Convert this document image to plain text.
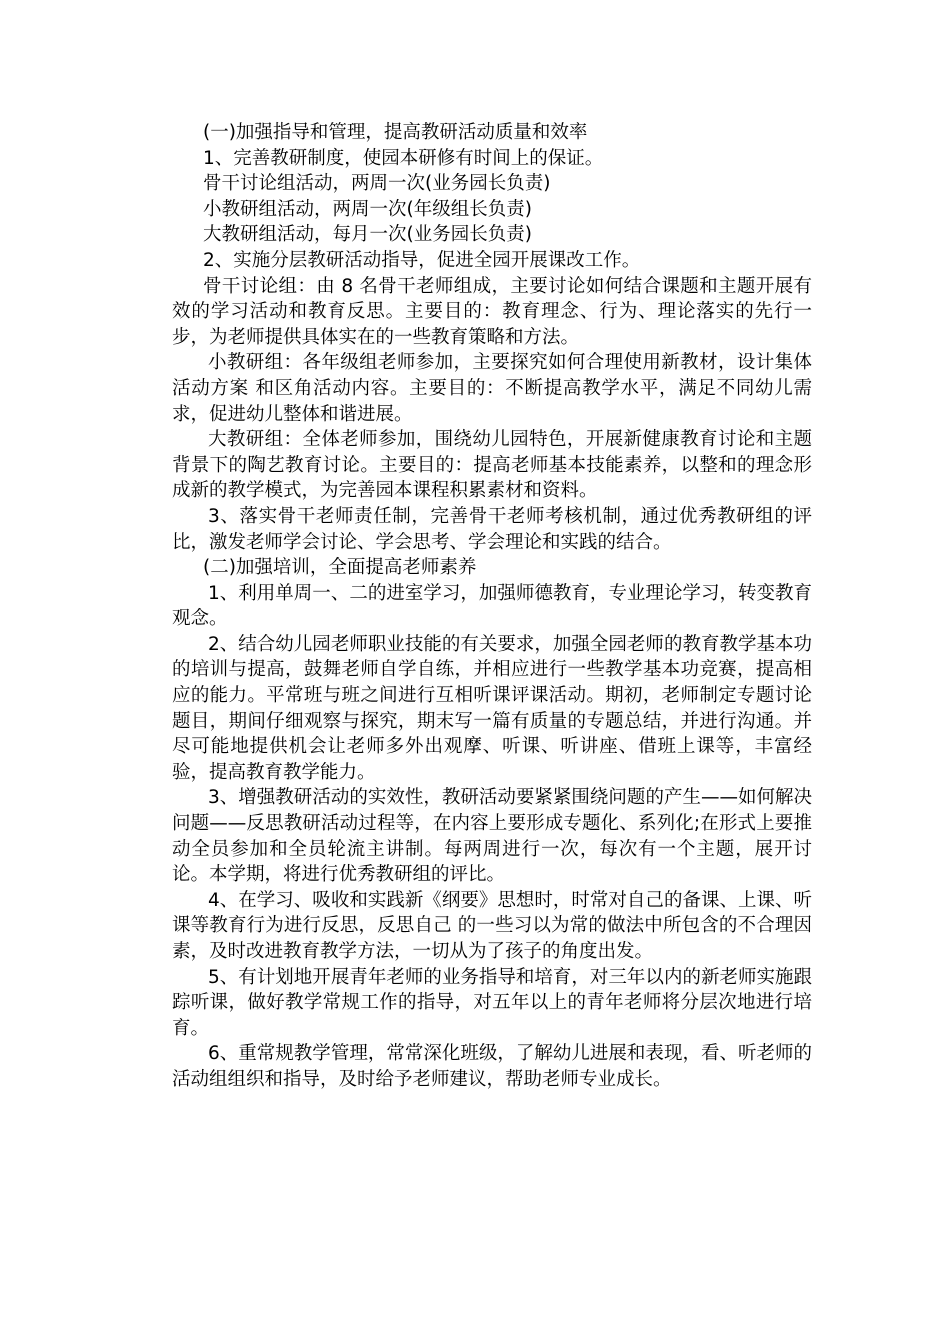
(一)加强指导和管理，提高教研活动质量和效率

1、完善教研制度，使园本研修有时间上的保证。

骨干讨论组活动，两周一次(业务园长负责)

小教研组活动，两周一次(年级组长负责)

大教研组活动，每月一次(业务园长负责)

2、实施分层教研活动指导，促进全园开展课改工作。

骨干讨论组：由 8 名骨干老师组成，主要讨论如何结合课题和主题开展有效的学习活动和教育反思。主要目的：教育理念、行为、理论落实的先行一步，为老师提供具体实在的一些教育策略和方法。

小教研组：各年级组老师参加，主要探究如何合理使用新教材，设计集体活动方案 和区角活动内容。主要目的：不断提高教学水平，满足不同幼儿需求，促进幼儿整体和谐进展。

大教研组：全体老师参加，围绕幼儿园特色，开展新健康教育讨论和主题背景下的陶艺教育讨论。主要目的：提高老师基本技能素养，以整和的理念形成新的教学模式，为完善园本课程积累素材和资料。

3、落实骨干老师责任制，完善骨干老师考核机制，通过优秀教研组的评比，激发老师学会讨论、学会思考、学会理论和实践的结合。

(二)加强培训，全面提高老师素养

1、利用单周一、二的进室学习，加强师德教育，专业理论学习，转变教育观念。

2、结合幼儿园老师职业技能的有关要求，加强全园老师的教育教学基本功的培训与提高，鼓舞老师自学自练，并相应进行一些教学基本功竞赛，提高相应的能力。平常班与班之间进行互相听课评课活动。期初，老师制定专题讨论题目，期间仔细观察与探究，期末写一篇有质量的专题总结，并进行沟通。并尽可能地提供机会让老师多外出观摩、听课、听讲座、借班上课等，丰富经验，提高教育教学能力。

3、增强教研活动的实效性，教研活动要紧紧围绕问题的产生——如何解决问题——反思教研活动过程等，在内容上要形成专题化、系列化;在形式上要推动全员参加和全员轮流主讲制。每两周进行一次，每次有一个主题，展开讨论。本学期，将进行优秀教研组的评比。

4、在学习、吸收和实践新《纲要》思想时，时常对自己的备课、上课、听课等教育行为进行反思，反思自己 的一些习以为常的做法中所包含的不合理因素，及时改进教育教学方法，一切从为了孩子的角度出发。

5、有计划地开展青年老师的业务指导和培育，对三年以内的新老师实施跟踪听课，做好教学常规工作的指导，对五年以上的青年老师将分层次地进行培育。

6、重常规教学管理，常常深化班级，了解幼儿进展和表现，看、听老师的活动组组织和指导，及时给予老师建议，帮助老师专业成长。
